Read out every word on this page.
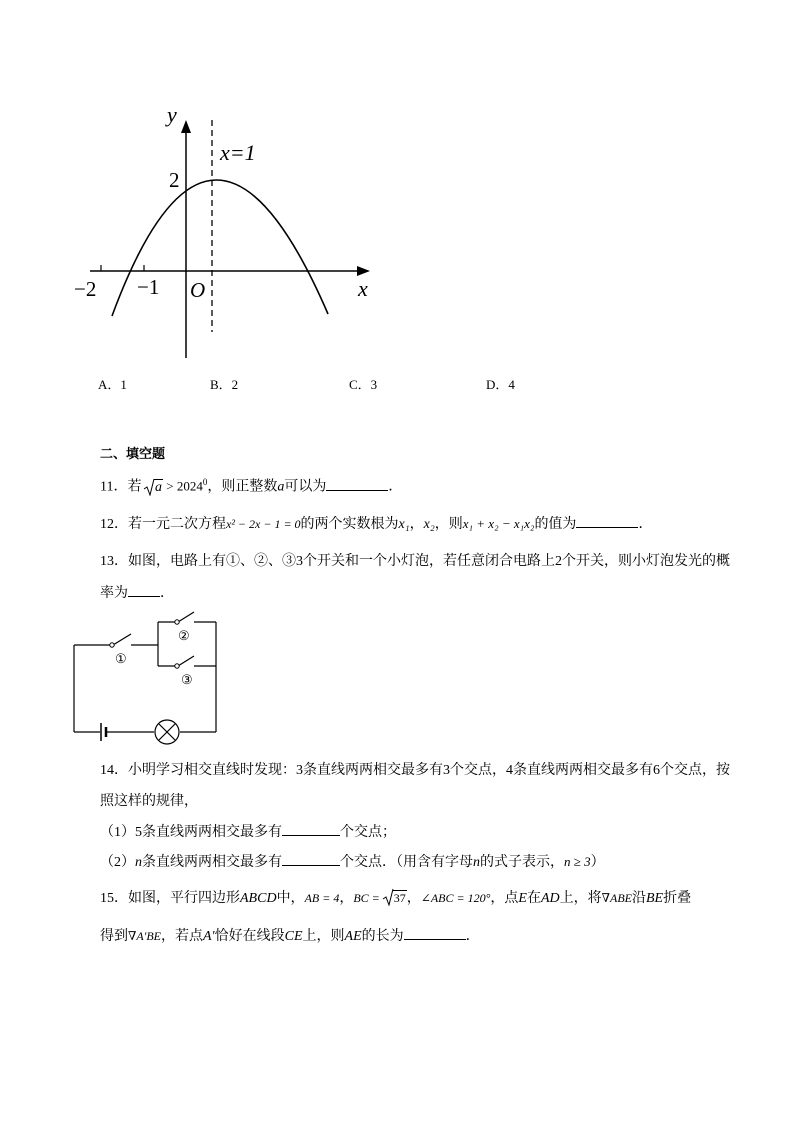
y
x
x=1
2
−2 −1 O
A．1	B．2	C．3	D．4
二、填空题
11．若 $a > 2024^0$，则正整数a可以为	．
12．若一元二次方程x² − 2x − 1 = 0的两个实数根为x₁，x₂，则x₁ + x₂ − x₁x₂的值为	．
13．如图，电路上有①、②、③3个开关和一个小灯泡，若任意闭合电路上2个开关，则小灯泡发光的概
率为 ．
①
②
③
14．小明学习相交直线时发现：3条直线两两相交最多有3个交点，4条直线两两相交最多有6个交点，按
照这样的规律，
（1）5条直线两两相交最多有	个交点；
（2）n条直线两两相交最多有	个交点．（用含有字母n的式子表示，n ≥ 3）
15．如图，平行四边形ABCD中，AB = 4，BC = 37，∠ABC = 120°，点E在AD上，将∇ABE沿BE折叠
得到∇A′BE，若点A′恰好在线段CE上，则AE的长为	．
